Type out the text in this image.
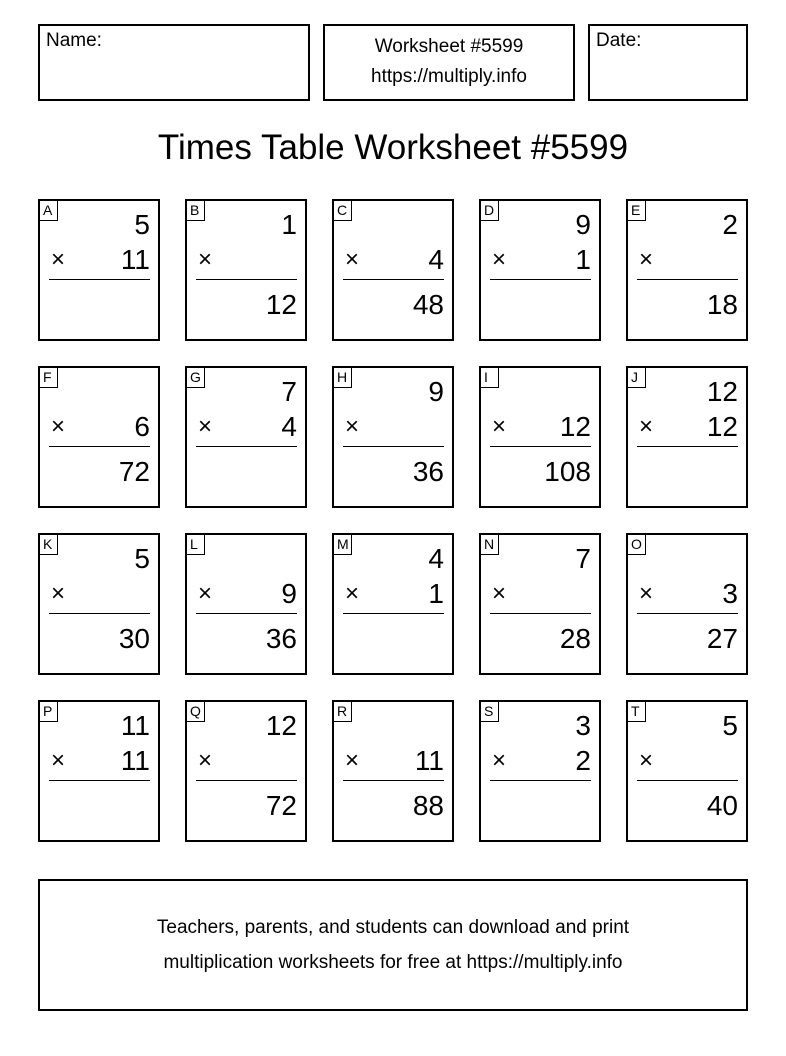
Name:	Worksheet #5599
https://multiply.info
Date:
Times Table Worksheet #5599
A	5
× 11
B	1
×
12
C
× 4
48
D	9
× 1
E	2
×
18
F
× 6
72
G	7
× 4
H	9
×
36
I
× 12
108
J 12
× 12
K	5
×
30
L
× 9
36
M	4
× 1
N	7
×
28
O
× 3
27
P 11
× 11
Q 12
×
72
R
× 11
88
S	3
× 2
T	5
×
40
Teachers, parents, and students can download and print
multiplication worksheets for free at https://multiply.info
